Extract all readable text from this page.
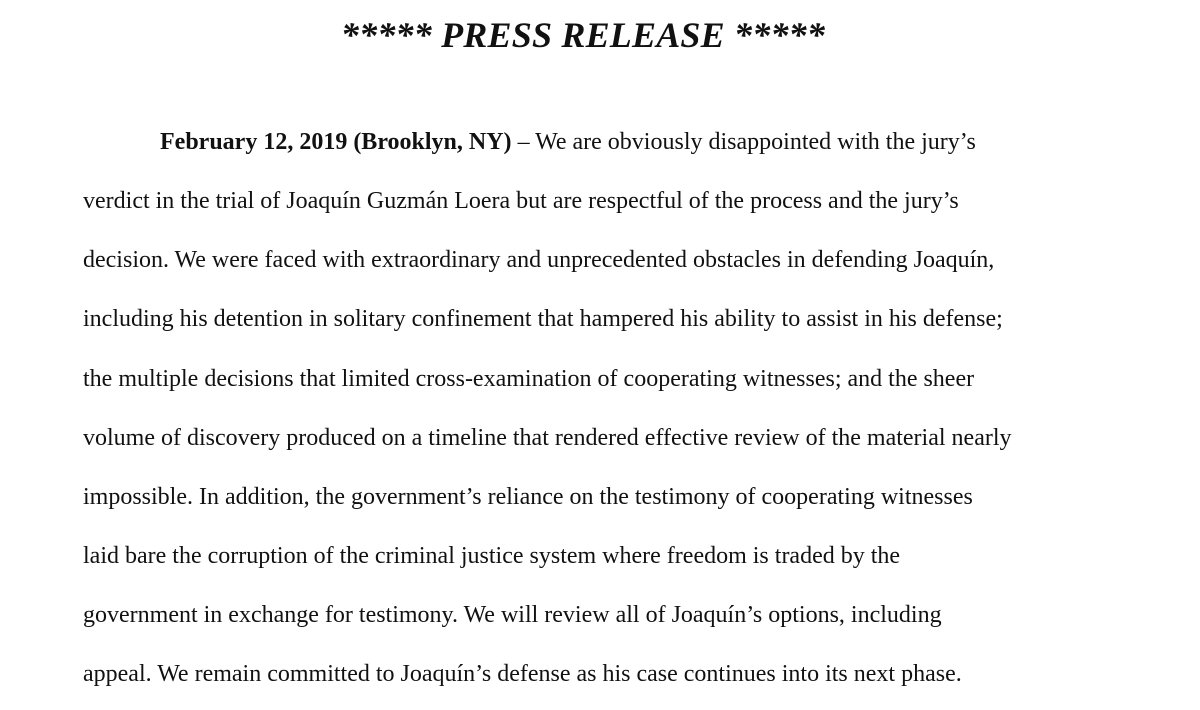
***** PRESS RELEASE *****
February 12, 2019 (Brooklyn, NY) – We are obviously disappointed with the jury’s
verdict in the trial of Joaquín Guzmán Loera but are respectful of the process and the jury’s
decision. We were faced with extraordinary and unprecedented obstacles in defending Joaquín,
including his detention in solitary confinement that hampered his ability to assist in his defense;
the multiple decisions that limited cross-examination of cooperating witnesses; and the sheer
volume of discovery produced on a timeline that rendered effective review of the material nearly
impossible. In addition, the government’s reliance on the testimony of cooperating witnesses
laid bare the corruption of the criminal justice system where freedom is traded by the
government in exchange for testimony. We will review all of Joaquín’s options, including
appeal. We remain committed to Joaquín’s defense as his case continues into its next phase.
